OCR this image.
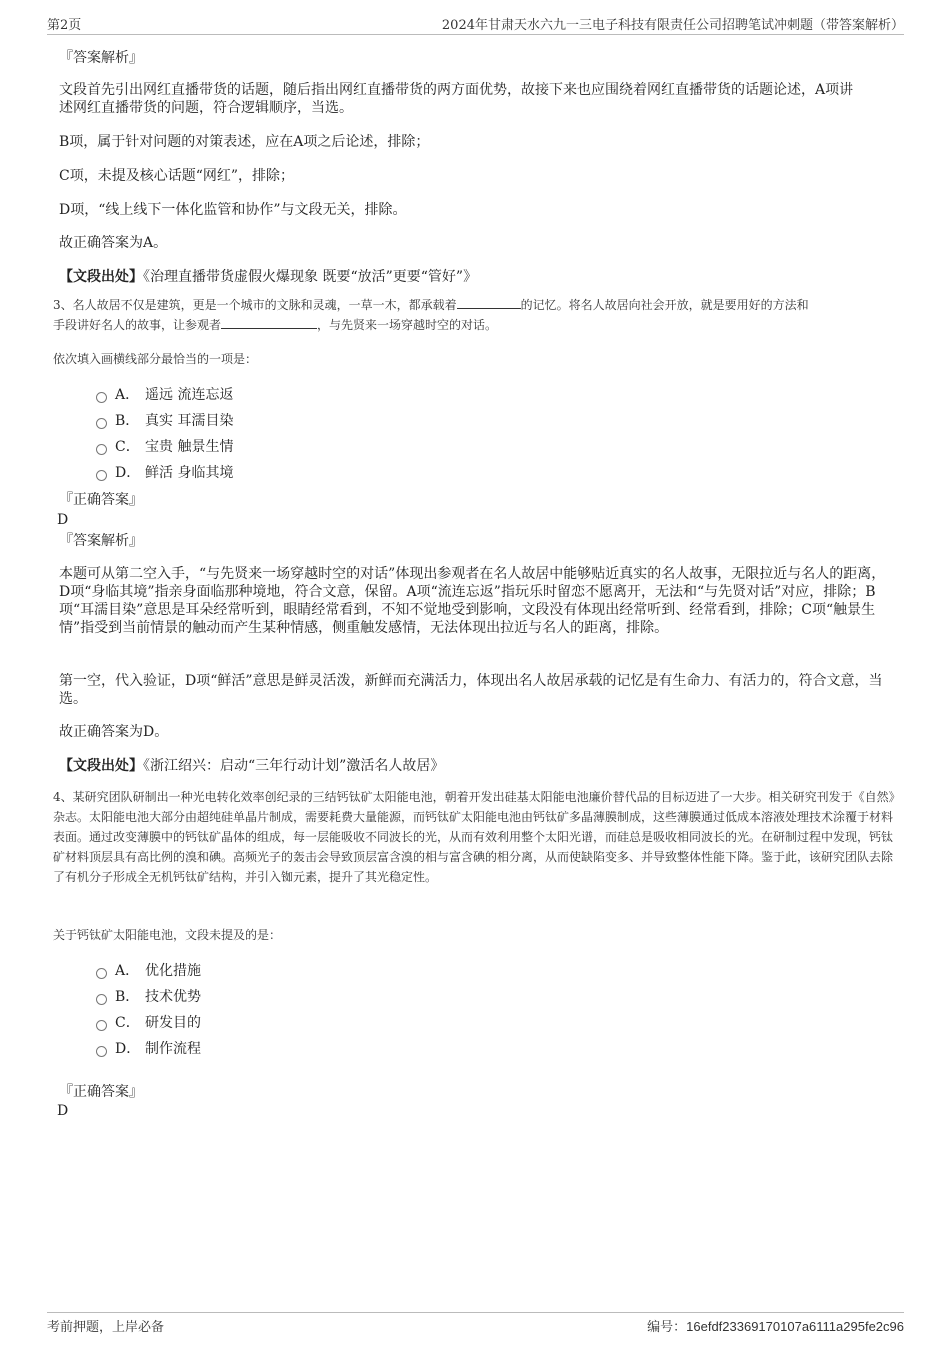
第2页	2024年甘肃天水六九一三电子科技有限责任公司招聘笔试冲刺题（带答案解析）
『答案解析』
文段首先引出网红直播带货的话题，随后指出网红直播带货的两方面优势，故接下来也应围绕着网红直播带货的话题论述，A项讲述网红直播带货的问题，符合逻辑顺序，当选。
B项，属于针对问题的对策表述，应在A项之后论述，排除；
C项，未提及核心话题“网红”，排除；
D项，“线上线下一体化监管和协作”与文段无关，排除。
故正确答案为A。
【文段出处】《治理直播带货虚假火爆现象 既要“放活”更要“管好”》
3、名人故居不仅是建筑，更是一个城市的文脉和灵魂，一草一木，都承载着	的记忆。将名人故居向社会开放，就是要用好的方法和
手段讲好名人的故事，让参观者	，与先贤来一场穿越时空的对话。
依次填入画横线部分最恰当的一项是：
A． 遥远 流连忘返
B． 真实 耳濡目染
C． 宝贵 触景生情
D． 鲜活 身临其境
『正确答案』
D
『答案解析』
本题可从第二空入手，“与先贤来一场穿越时空的对话”体现出参观者在名人故居中能够贴近真实的名人故事，无限拉近与名人的距离，D项“身临其境”指亲身面临那种境地，符合文意，保留。A项“流连忘返”指玩乐时留恋不愿离开，无法和“与先贤对话”对应，排除；B项“耳濡目染”意思是耳朵经常听到，眼睛经常看到，不知不觉地受到影响，文段没有体现出经常听到、经常看到，排除；C项“触景生情”指受到当前情景的触动而产生某种情感，侧重触发感情，无法体现出拉近与名人的距离，排除。
第一空，代入验证，D项“鲜活”意思是鲜灵活泼，新鲜而充满活力，体现出名人故居承载的记忆是有生命力、有活力的，符合文意，当选。
故正确答案为D。
【文段出处】《浙江绍兴：启动“三年行动计划”激活名人故居》
4、某研究团队研制出一种光电转化效率创纪录的三结钙钛矿太阳能电池，朝着开发出硅基太阳能电池廉价替代品的目标迈进了一大步。相关研究刊发于《自然》杂志。太阳能电池大部分由超纯硅单晶片制成，需要耗费大量能源，而钙钛矿太阳能电池由钙钛矿多晶薄膜制成，这些薄膜通过低成本溶液处理技术涂覆于材料表面。通过改变薄膜中的钙钛矿晶体的组成，每一层能吸收不同波长的光，从而有效利用整个太阳光谱，而硅总是吸收相同波长的光。在研制过程中发现，钙钛矿材料顶层具有高比例的溴和碘。高频光子的轰击会导致顶层富含溴的相与富含碘的相分离，从而使缺陷变多、并导致整体性能下降。鉴于此，该研究团队去除了有机分子形成全无机钙钛矿结构，并引入铷元素，提升了其光稳定性。
关于钙钛矿太阳能电池，文段未提及的是：
A． 优化措施
B． 技术优势
C． 研发目的
D． 制作流程
『正确答案』
D
考前押题，上岸必备	编号：16efdf23369170107a6111a295fe2c96
